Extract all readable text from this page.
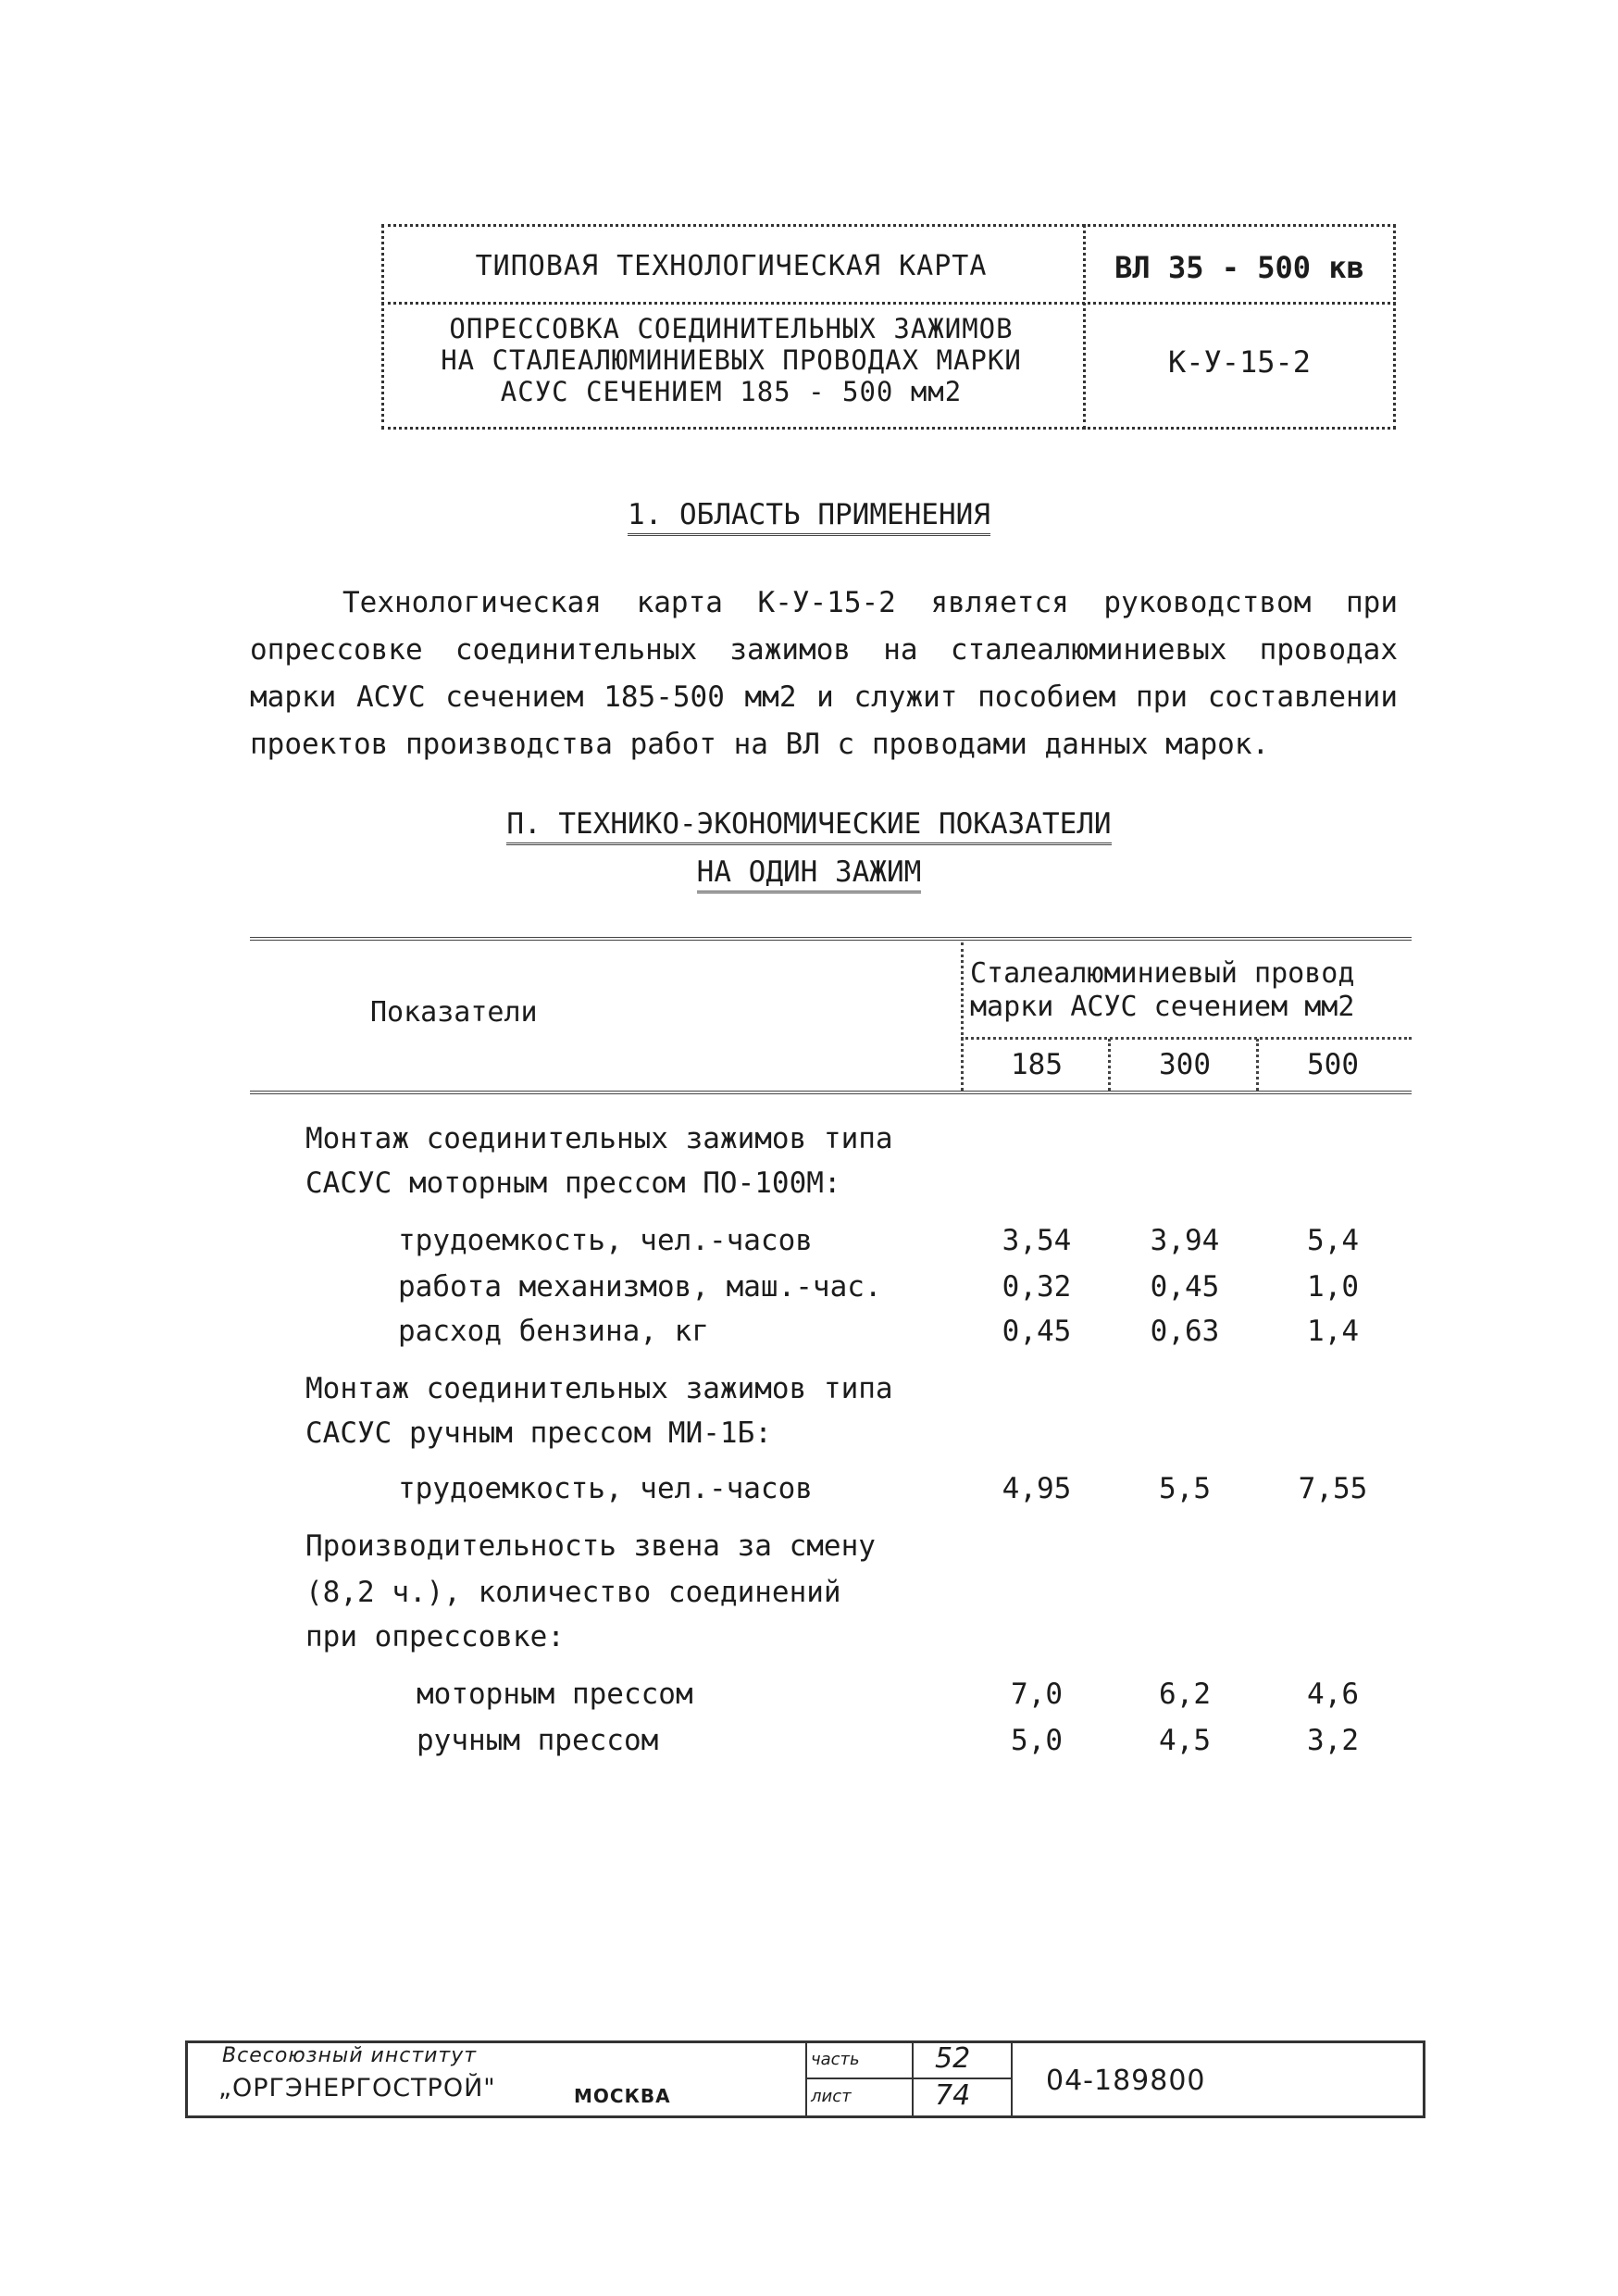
ТИПОВАЯ ТЕХНОЛОГИЧЕСКАЯ КАРТА	ВЛ 35 - 500 кв
ОПРЕССОВКА СОЕДИНИТЕЛЬНЫХ ЗАЖИМОВ
НА СТАЛЕАЛЮМИНИЕВЫХ ПРОВОДАХ МАРКИ
АСУС СЕЧЕНИЕМ 185 - 500 мм2
К-У-15-2
1. ОБЛАСТЬ ПРИМЕНЕНИЯ

Технологическая карта К-У-15-2 является руководством при опрессовке соединительных зажимов на сталеалюминиевых проводах марки АСУС сечением 185-500 мм2 и служит пособием при составлении проектов производства работ на ВЛ с проводами данных марок.

П. ТЕХНИКО-ЭКОНОМИЧЕСКИЕ ПОКАЗАТЕЛИ
НА ОДИН ЗАЖИМ
Показатели
Сталеалюминиевый провод
марки АСУС сечением мм2
185	300	500
Монтаж соединительных зажимов типа
САСУС моторным прессом ПО-100М:
трудоемкость, чел.-часов	3,54	3,94	5,4
работа механизмов, маш.-час.	0,32	0,45	1,0
расход бензина, кг	0,45	0,63	1,4
Монтаж соединительных зажимов типа
САСУС ручным прессом МИ-1Б:
трудоемкость, чел.-часов	4,95	5,5	7,55
Производительность звена за смену
(8,2 ч.), количество соединений
при опрессовке:
моторным прессом	7,0	6,2	4,6
ручным прессом	5,0	4,5	3,2
Всесоюзный институт
„ОРГЭНЕРГОСТРОЙ"	МОСКВА
часть	52
лист	74	04-189800
